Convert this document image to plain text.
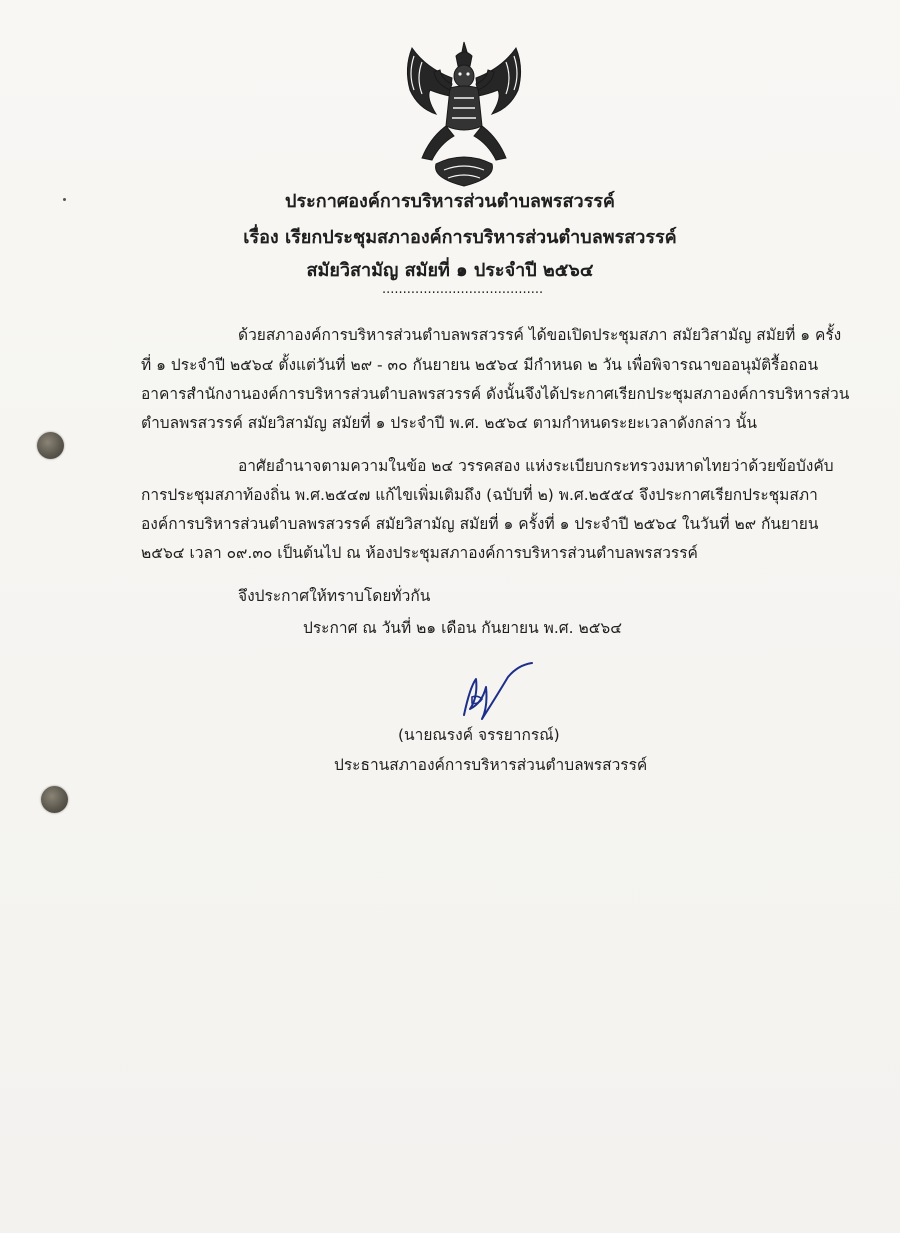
ประกาศองค์การบริหารส่วนตำบลพรสวรรค์
เรื่อง เรียกประชุมสภาองค์การบริหารส่วนตำบลพรสวรรค์
สมัยวิสามัญ สมัยที่ ๑ ประจำปี ๒๕๖๔
.......................................
ด้วยสภาองค์การบริหารส่วนตำบลพรสวรรค์ ได้ขอเปิดประชุมสภา สมัยวิสามัญ สมัยที่ ๑ ครั้ง
ที่ ๑ ประจำปี ๒๕๖๔ ตั้งแต่วันที่ ๒๙ - ๓๐ กันยายน ๒๕๖๔ มีกำหนด ๒ วัน เพื่อพิจารณาขออนุมัติรื้อถอน
อาคารสำนักงานองค์การบริหารส่วนตำบลพรสวรรค์ ดังนั้นจึงได้ประกาศเรียกประชุมสภาองค์การบริหารส่วน
ตำบลพรสวรรค์ สมัยวิสามัญ สมัยที่ ๑ ประจำปี พ.ศ. ๒๕๖๔ ตามกำหนดระยะเวลาดังกล่าว นั้น
อาศัยอำนาจตามความในข้อ ๒๔ วรรคสอง แห่งระเบียบกระทรวงมหาดไทยว่าด้วยข้อบังคับ
การประชุมสภาท้องถิ่น พ.ศ.๒๕๔๗ แก้ไขเพิ่มเติมถึง (ฉบับที่ ๒) พ.ศ.๒๕๕๔ จึงประกาศเรียกประชุมสภา
องค์การบริหารส่วนตำบลพรสวรรค์ สมัยวิสามัญ สมัยที่ ๑ ครั้งที่ ๑ ประจำปี ๒๕๖๔ ในวันที่ ๒๙ กันยายน
๒๕๖๔ เวลา ๐๙.๓๐ เป็นต้นไป ณ ห้องประชุมสภาองค์การบริหารส่วนตำบลพรสวรรค์
จึงประกาศให้ทราบโดยทั่วกัน
ประกาศ ณ วันที่ ๒๑ เดือน กันยายน พ.ศ. ๒๕๖๔
(นายณรงค์ จรรยากรณ์)
ประธานสภาองค์การบริหารส่วนตำบลพรสวรรค์
